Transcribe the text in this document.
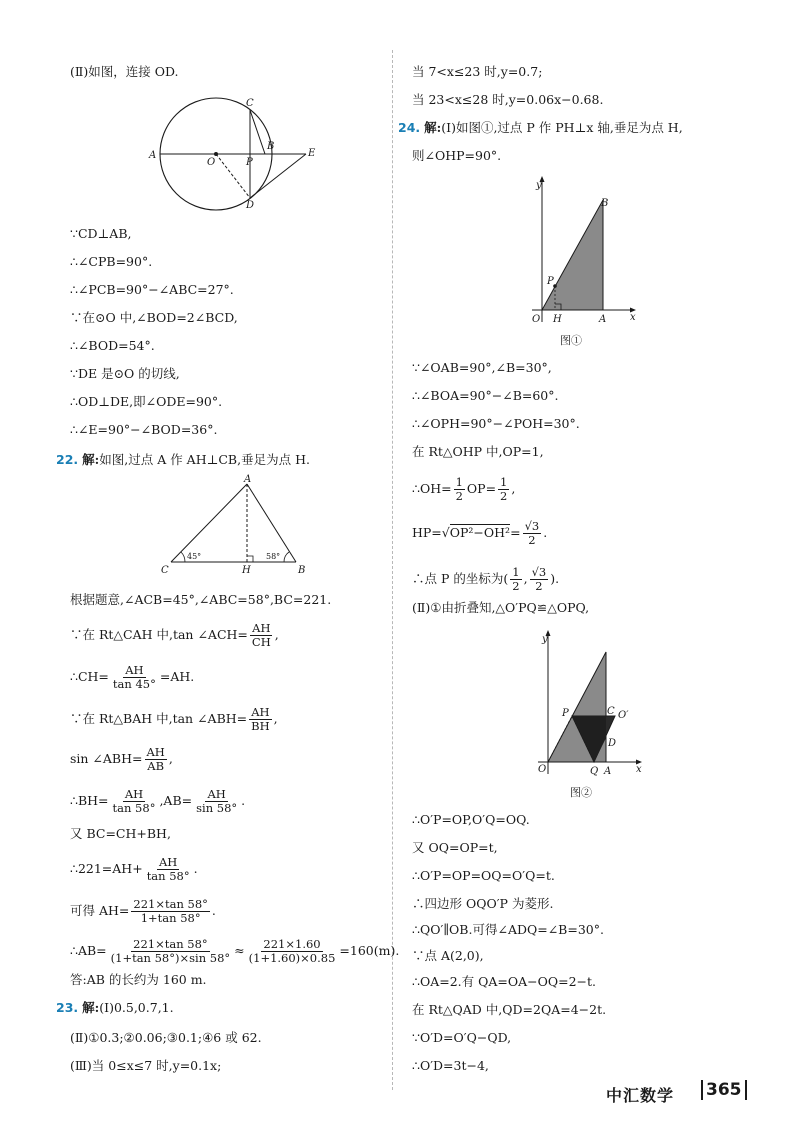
(Ⅱ)如图，连接 OD.
A
O	P
B
E
C
D
∵CD⊥AB,
∴∠CPB=90°.
∴∠PCB=90°−∠ABC=27°.
∵在⊙O 中,∠BOD=2∠BCD,
∴∠BOD=54°.
∵DE 是⊙O 的切线,
∴OD⊥DE,即∠ODE=90°.
∴∠E=90°−∠BOD=36°.
22. 解:如图,过点 A 作 AH⊥CB,垂足为点 H.
A
C	H	B
45°	58°
根据题意,∠ACB=45°,∠ABC=58°,BC=221.
∵在 Rt△CAH 中,tan ∠ACH= $\frac{AH}{CH}$ ,
∴CH= $\frac{AH}{\tan 45^\circ} =AH$.
∵在 Rt△BAH 中,tan ∠ABH= $\frac{AH}{BH}$ ,
sin ∠ABH= $\frac{AH}{AB}$ ,
∴BH= $\frac{AH}{\tan 58^\circ} ,AB= \frac{AH}{\sin 58^\circ}$ .
又 BC=CH+BH,
∴221=AH+ $\frac{AH}{\tan 58^\circ}$ .
可得 $AH= \frac{221\times\tan 58^\circ}{1+\tan 58^\circ}$ .
∴AB= $\frac{221\times\tan 58^\circ}{(1+\tan 58^\circ)\times\sin 58^\circ} \approx \frac{221\times 1.60}{(1+1.60)\times 0.85} =160(m)$.
答:AB 的长约为 160 m.
23. 解:(Ⅰ)0.5,0.7,1.
(Ⅱ)①0.3;②0.06;③0.1;④6 或 62.
(Ⅲ)当 0≤x≤7 时,y=0.1x;
当 7<x≤23 时,y=0.7;
当 23<x≤28 时,y=0.06x−0.68.
24. 解:(Ⅰ)如图①,过点 P 作 PH⊥x 轴,垂足为点 H,
则∠OHP=90°.
y
x
O H	A
P
B
图①
∵∠OAB=90°,∠B=30°,
∴∠BOA=90°−∠B=60°.
∴∠OPH=90°−∠POH=30°.
在 Rt△OHP 中,OP=1,
∴OH= $\frac{1}{2} OP= \frac{1}{2}$ ,
$HP=√OP^2-OH^2= \frac{√3}{2}$ .
∴点 P 的坐标为( $\frac{1}{2}$ , $\frac{√3}{2}$ ).
(Ⅱ)①由折叠知,△O′PQ≌△OPQ,
y
x
O	Q A
P	C O′
D
图②
∴O′P=OP,O′Q=OQ.
又 OQ=OP=t,
∴O′P=OP=OQ=O′Q=t.
∴四边形 OQO′P 为菱形.
∴QO′∥OB.可得∠ADQ=∠B=30°.
∵点 A(2,0),
∴OA=2.有 QA=OA−OQ=2−t.
在 Rt△QAD 中,QD=2QA=4−2t.
∵O′D=O′Q−QD,
∴O′D=3t−4,
中汇数学 365
